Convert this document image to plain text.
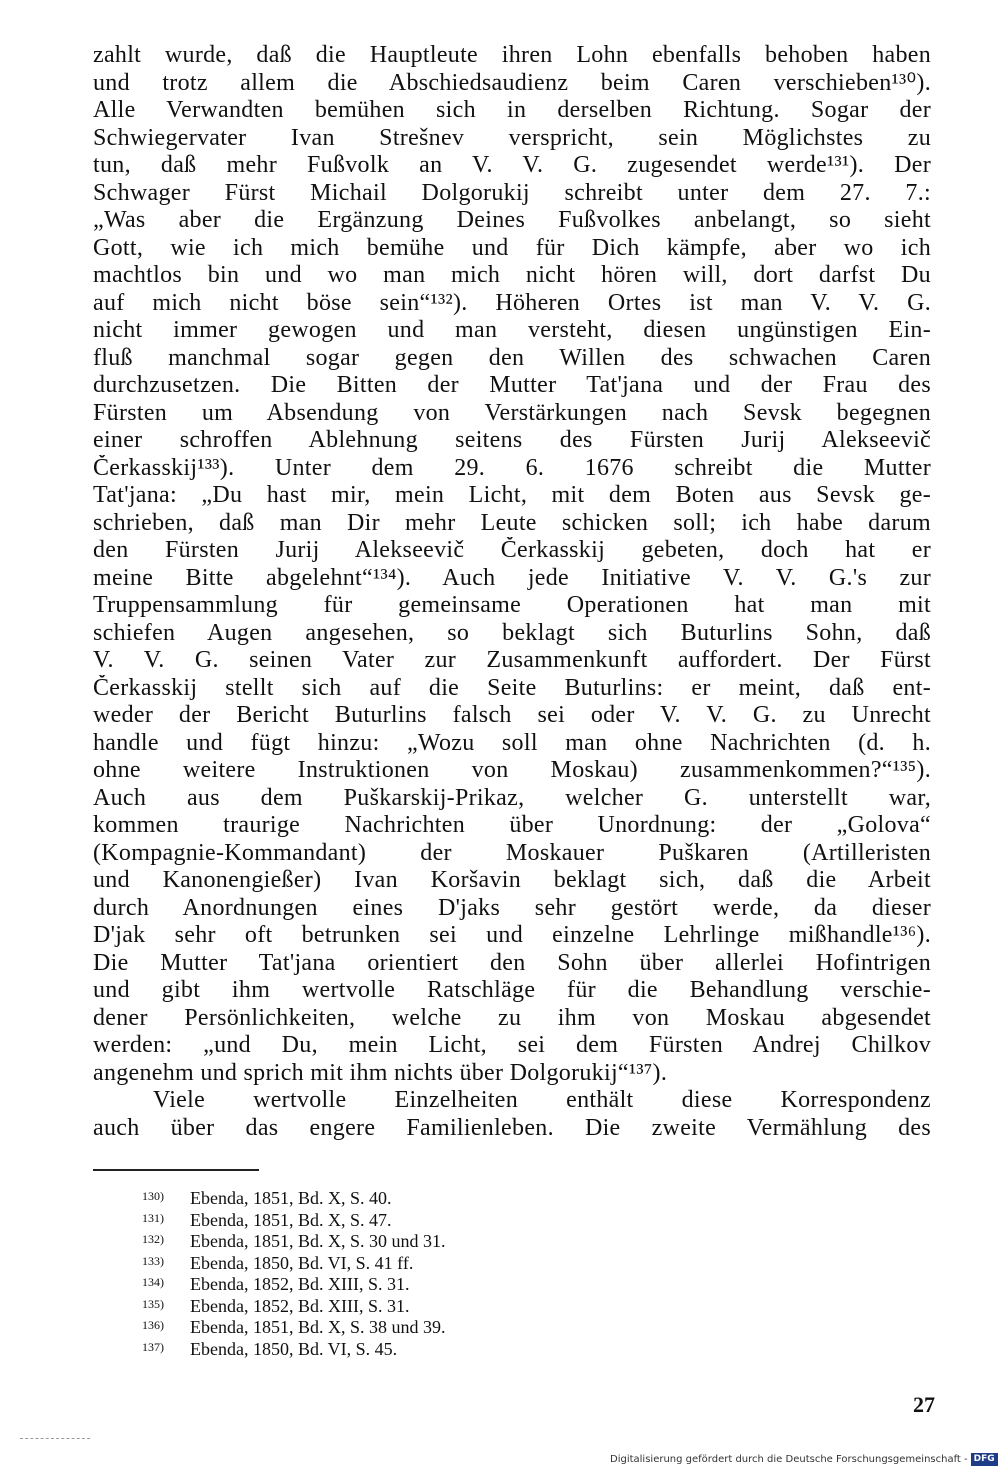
zahlt wurde, daß die Hauptleute ihren Lohn ebenfalls behoben haben
und trotz allem die Abschiedsaudienz beim Caren verschieben¹³⁰).
Alle Verwandten bemühen sich in derselben Richtung. Sogar der
Schwiegervater Ivan Strešnev verspricht, sein Möglichstes zu
tun, daß mehr Fußvolk an V. V. G. zugesendet werde¹³¹). Der
Schwager Fürst Michail Dolgorukij schreibt unter dem 27. 7.:
„Was aber die Ergänzung Deines Fußvolkes anbelangt, so sieht
Gott, wie ich mich bemühe und für Dich kämpfe, aber wo ich
machtlos bin und wo man mich nicht hören will, dort darfst Du
auf mich nicht böse sein“¹³²). Höheren Ortes ist man V. V. G.
nicht immer gewogen und man versteht, diesen ungünstigen Ein-
fluß manchmal sogar gegen den Willen des schwachen Caren
durchzusetzen. Die Bitten der Mutter Tat'jana und der Frau des
Fürsten um Absendung von Verstärkungen nach Sevsk begegnen
einer schroffen Ablehnung seitens des Fürsten Jurij Alekseevič
Čerkasskij¹³³). Unter dem 29. 6. 1676 schreibt die Mutter
Tat'jana: „Du hast mir, mein Licht, mit dem Boten aus Sevsk ge-
schrieben, daß man Dir mehr Leute schicken soll; ich habe darum
den Fürsten Jurij Alekseevič Čerkasskij gebeten, doch hat er
meine Bitte abgelehnt“¹³⁴). Auch jede Initiative V. V. G.'s zur
Truppensammlung für gemeinsame Operationen hat man mit
schiefen Augen angesehen, so beklagt sich Buturlins Sohn, daß
V. V. G. seinen Vater zur Zusammenkunft auffordert. Der Fürst
Čerkasskij stellt sich auf die Seite Buturlins: er meint, daß ent-
weder der Bericht Buturlins falsch sei oder V. V. G. zu Unrecht
handle und fügt hinzu: „Wozu soll man ohne Nachrichten (d. h.
ohne weitere Instruktionen von Moskau) zusammenkommen?“¹³⁵).
Auch aus dem Puškarskij-Prikaz, welcher G. unterstellt war,
kommen traurige Nachrichten über Unordnung: der „Golova“
(Kompagnie-Kommandant) der Moskauer Puškaren (Artilleristen
und Kanonengießer) Ivan Koršavin beklagt sich, daß die Arbeit
durch Anordnungen eines D'jaks sehr gestört werde, da dieser
D'jak sehr oft betrunken sei und einzelne Lehrlinge mißhandle¹³⁶).
Die Mutter Tat'jana orientiert den Sohn über allerlei Hofintrigen
und gibt ihm wertvolle Ratschläge für die Behandlung verschie-
dener Persönlichkeiten, welche zu ihm von Moskau abgesendet
werden: „und Du, mein Licht, sei dem Fürsten Andrej Chilkov
angenehm und sprich mit ihm nichts über Dolgorukij“¹³⁷).
Viele wertvolle Einzelheiten enthält diese Korrespondenz
auch über das engere Familienleben. Die zweite Vermählung des
130) Ebenda, 1851, Bd. X, S. 40.
131) Ebenda, 1851, Bd. X, S. 47.
132) Ebenda, 1851, Bd. X, S. 30 und 31.
133) Ebenda, 1850, Bd. VI, S. 41 ff.
134) Ebenda, 1852, Bd. XIII, S. 31.
135) Ebenda, 1852, Bd. XIII, S. 31.
136) Ebenda, 1851, Bd. X, S. 38 und 39.
137) Ebenda, 1850, Bd. VI, S. 45.
27
Digitalisierung gefördert durch die Deutsche Forschungsgemeinschaft - DFG
